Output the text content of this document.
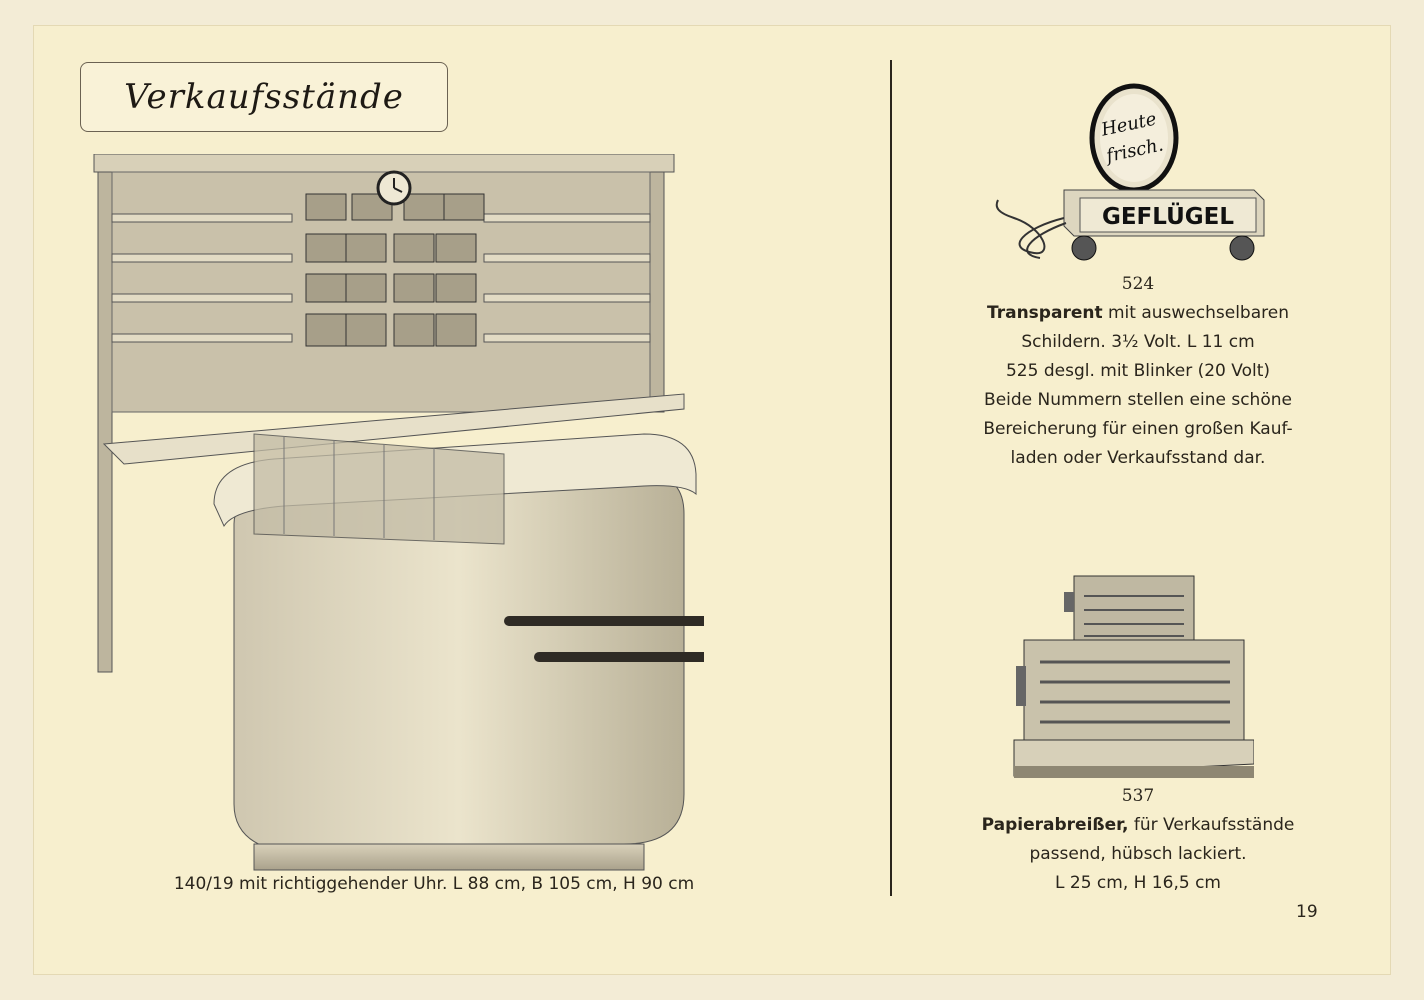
Verkaufsstände
140/19 mit richtiggehender Uhr. L 88 cm, B 105 cm, H 90 cm
Heute
frisch.
GEFLÜGEL

524

Transparent mit auswechselbaren

Schildern. 3½ Volt. L 11 cm

525 desgl. mit Blinker (20 Volt)

Beide Nummern stellen eine schöne

Bereicherung für einen großen Kauf-

laden oder Verkaufsstand dar.

537

Papierabreißer, für Verkaufsstände

passend, hübsch lackiert.

L 25 cm, H 16,5 cm

19
